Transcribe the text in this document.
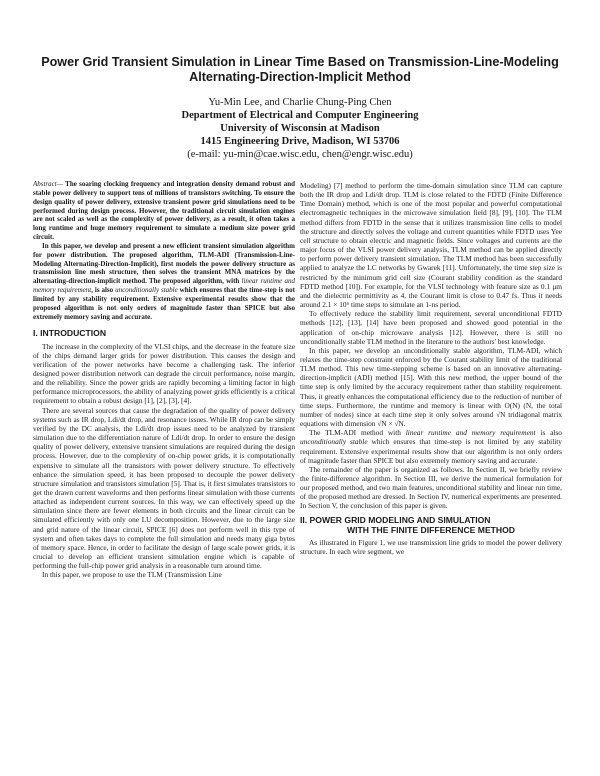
Power Grid Transient Simulation in Linear Time Based on Transmission-Line-Modeling
Alternating-Direction-Implicit Method
Yu-Min Lee, and Charlie Chung-Ping Chen
Department of Electrical and Computer Engineering
University of Wisconsin at Madison
1415 Engineering Drive, Madison, WI 53706
(e-mail: yu-min@cae.wisc.edu, chen@engr.wisc.edu)

Abstract— The soaring clocking frequency and integration density demand robust and stable power delivery to support tens of millions of transistors switching. To ensure the design quality of power delivery, extensive transient power grid simulations need to be performed during design process. However, the traditional circuit simulation engines are not scaled as well as the complexity of power delivery, as a result, it often takes a long runtime and huge memory requirement to simulate a medium size power grid circuit.

In this paper, we develop and present a new efficient transient simulation algorithm for power distribution. The proposed algorithm, TLM-ADI (Transmission-Line-Modeling Alternating-Direction-Implicit), first models the power delivery structure as transmission line mesh structure, then solves the transient MNA matrices by the alternating-direction-implicit method. The proposed algorithm, with linear runtime and memory requirement, is also unconditionally stable which ensures that the time-step is not limited by any stability requirement. Extensive experimental results show that the proposed algorithm is not only orders of magnitude faster than SPICE but also extremely memory saving and accurate.

I. INTRODUCTION

The increase in the complexity of the VLSI chips, and the decrease in the feature size of the chips demand larger grids for power distribution. This causes the design and verification of the power networks have become a challenging task. The inferior designed power distribution network can degrade the circuit performance, noise margin, and the reliability. Since the power grids are rapidly becoming a limiting factor in high performance microprocessors, the ability of analyzing power grids efficiently is a critical requirement to obtain a robust design [1], [2], [3], [4].

There are several sources that cause the degradation of the quality of power delivery systems such as IR drop, Ldi/dt drop, and resonance issues. While IR drop can be simply verified by the DC analysis, the Ldi/dt drop issues need to be analyzed by transient simulation due to the differentiation nature of Ldi/dt drop. In order to ensure the design quality of power delivery, extensive transient simulations are required during the design process. However, due to the complexity of on-chip power grids, it is computationally expensive to simulate all the transistors with power delivery structure. To effectively enhance the simulation speed, it has been proposed to decouple the power delivery structure simulation and transistors simulation [5]. That is, it first simulates transistors to get the drawn current waveforms and then performs linear simulation with those currents attached as independent current sources. In this way, we can effectively speed up the simulation since there are fewer elements in both circuits and the linear circuit can be simulated efficiently with only one LU decomposition. However, due to the large size and grid nature of the linear circuit, SPICE [6] does not perform well in this type of system and often takes days to complete the full simulation and needs many giga bytes of memory space. Hence, in order to facilitate the design of large scale power grids, it is crucial to develop an efficient transient simulation engine which is capable of performing the full-chip power grid analysis in a reasonable turn around time.

In this paper, we propose to use the TLM (Transmission Line

Modeling) [7] method to perform the time-domain simulation since TLM can capture both the IR drop and Ldi/dt drop. TLM is close related to the FDTD (Finite Difference Time Domain) method, which is one of the most popular and powerful computational electromagnetic techniques in the microwave simulation field [8], [9], [10]. The TLM method differs from FDTD in the sense that it utilizes transmission line cells to model the structure and directly solves the voltage and current quantities while FDTD uses Yee cell structure to obtain electric and magnetic fields. Since voltages and currents are the major focus of the VLSI power delivery analysis, TLM method can be applied directly to perform power delivery transient simulation. The TLM method has been successfully applied to analyze the LC networks by Gwarek [11]. Unfortunately, the time step size is restricted by the minimum grid cell size (Courant stability condition as the standard FDTD method [10]). For example, for the VLSI technology with feature size as 0.1 μm and the dielectric permittivity as 4, the Courant limit is close to 0.47 fs. Thus it needs around 2.1 × 10⁶ time steps to simulate an 1-ns period.

To effectively reduce the stability limit requirement, several unconditional FDTD methods [12], [13], [14] have been proposed and showed good potential in the application of on-chip microwave analysis [12]. However, there is still no unconditionally stable TLM method in the literature to the authors' best knowledge.

In this paper, we develop an unconditionally stable algorithm, TLM-ADI, which relaxes the time-step constraint enforced by the Courant stability limit of the traditional TLM method. This new time-stepping scheme is based on an innovative alternating-direction-implicit (ADI) method [15]. With this new method, the upper bound of the time step is only limited by the accuracy requirement rather than stability requirement. Thus, it greatly enhances the computational efficiency due to the reduction of number of time steps. Furthermore, the runtime and memory is linear with O(N) (N, the total number of nodes) since at each time step it only solves around √N tridiagonal matrix equations with dimension √N × √N.

The TLM-ADI method with linear runtime and memory requirement is also unconditionally stable which ensures that time-step is not limited by any stability requirement. Extensive experimental results show that our algorithm is not only orders of magnitude faster than SPICE but also extremely memory saving and accurate.

The remainder of the paper is organized as follows. In Section II, we briefly review the finite-difference algorithm. In Section III, we derive the numerical formulation for our proposed method, and two main features, unconditional stability and linear run time, of the proposed method are dressed. In Section IV, numerical experiments are presented. In Section V, the conclusion of this paper is given.

II. POWER GRID MODELING AND SIMULATION
WITH THE FINITE DIFFERENCE METHOD

As illustrated in Figure 1, we use transmission line grids to model the power delivery structure. In each wire segment, we
